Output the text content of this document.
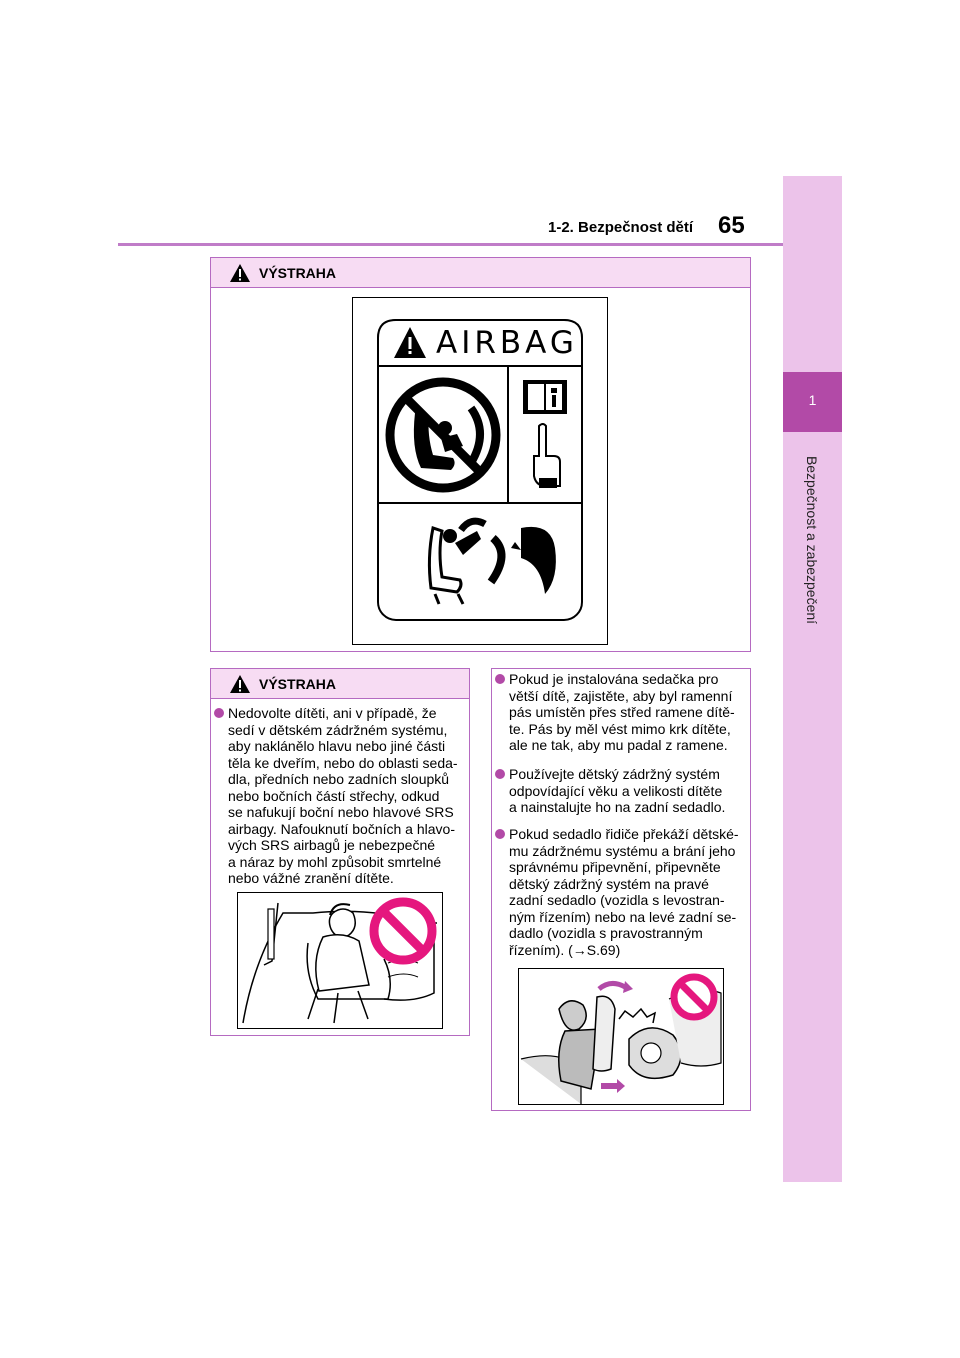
1-2. Bezpečnost dětí 65
1
Bezpečnost a zabezpečení
VÝSTRAHA
AIRBAG
VÝSTRAHA
Nedovolte dítěti, ani v případě, že
sedí v dětském zádržném systému,
aby naklánělo hlavu nebo jiné části
těla ke dveřím, nebo do oblasti seda-
dla, předních nebo zadních sloupků
nebo bočních částí střechy, odkud
se nafukují boční nebo hlavové SRS
airbagy. Nafouknutí bočních a hlavo-
vých SRS airbagů je nebezpečné
a náraz by mohl způsobit smrtelné
nebo vážné zranění dítěte.
Pokud je instalována sedačka pro
větší dítě, zajistěte, aby byl ramenní
pás umístěn přes střed ramene dítě-
te. Pás by měl vést mimo krk dítěte,
ale ne tak, aby mu padal z ramene.
Používejte dětský zádržný systém
odpovídající věku a velikosti dítěte
a nainstalujte ho na zadní sedadlo.
Pokud sedadlo řidiče překáží dětské-
mu zádržnému systému a brání jeho
správnému připevnění, připevněte
dětský zádržný systém na pravé
zadní sedadlo (vozidla s levostran-
ným řízením) nebo na levé zadní se-
dadlo (vozidla s pravostranným
řízením). (→S.69)
